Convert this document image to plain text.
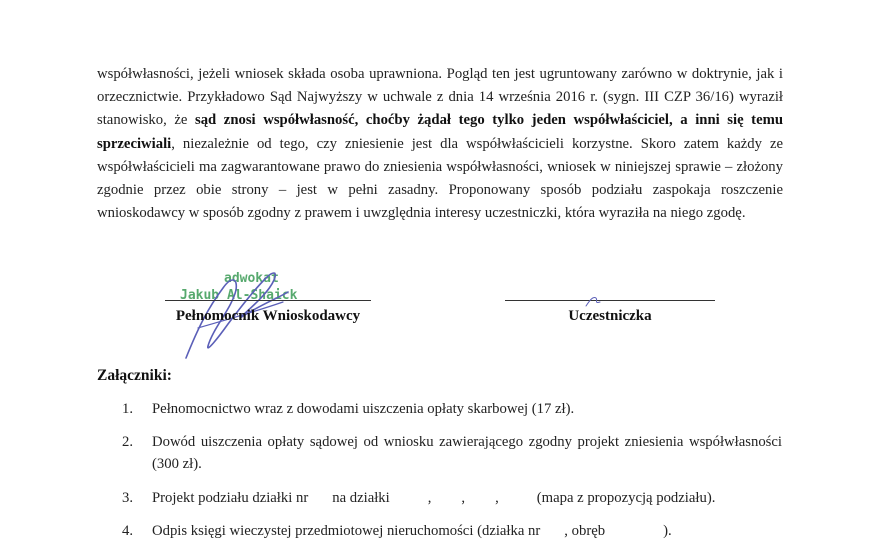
współwłasności, jeżeli wniosek składa osoba uprawniona. Pogląd ten jest ugruntowany zarówno w doktrynie, jak i orzecznictwie. Przykładowo Sąd Najwyższy w uchwale z dnia 14 września 2016 r. (sygn. III CZP 36/16) wyraził stanowisko, że sąd znosi współwłasność, choćby żądał tego tylko jeden współwłaściciel, a inni się temu sprzeciwiali, niezależnie od tego, czy zniesienie jest dla współwłaścicieli korzystne. Skoro zatem każdy ze współwłaścicieli ma zagwarantowane prawo do zniesienia współwłasności, wniosek w niniejszej sprawie – złożony zgodnie przez obie strony – jest w pełni zasadny. Proponowany sposób podziału zaspokaja roszczenie wnioskodawcy w sposób zgodny z prawem i uwzględnia interesy uczestniczki, która wyraziła na niego zgodę.

adwokat
Jakub Al-Shaick
Pełnomocnik Wnioskodawcy	Uczestniczka
Załączniki:
1.	Pełnomocnictwo wraz z dowodami uiszczenia opłaty skarbowej (17 zł).
2.	Dowód uiszczenia opłaty sądowej od wniosku zawierającego zgodny projekt zniesienia współwłasności (300 zł).
3.	Projekt podziału działki nr na działki	, , ,	(mapa z propozycją podziału).
4.	Odpis księgi wieczystej przedmiotowej nieruchomości (działka nr , obręb	).
